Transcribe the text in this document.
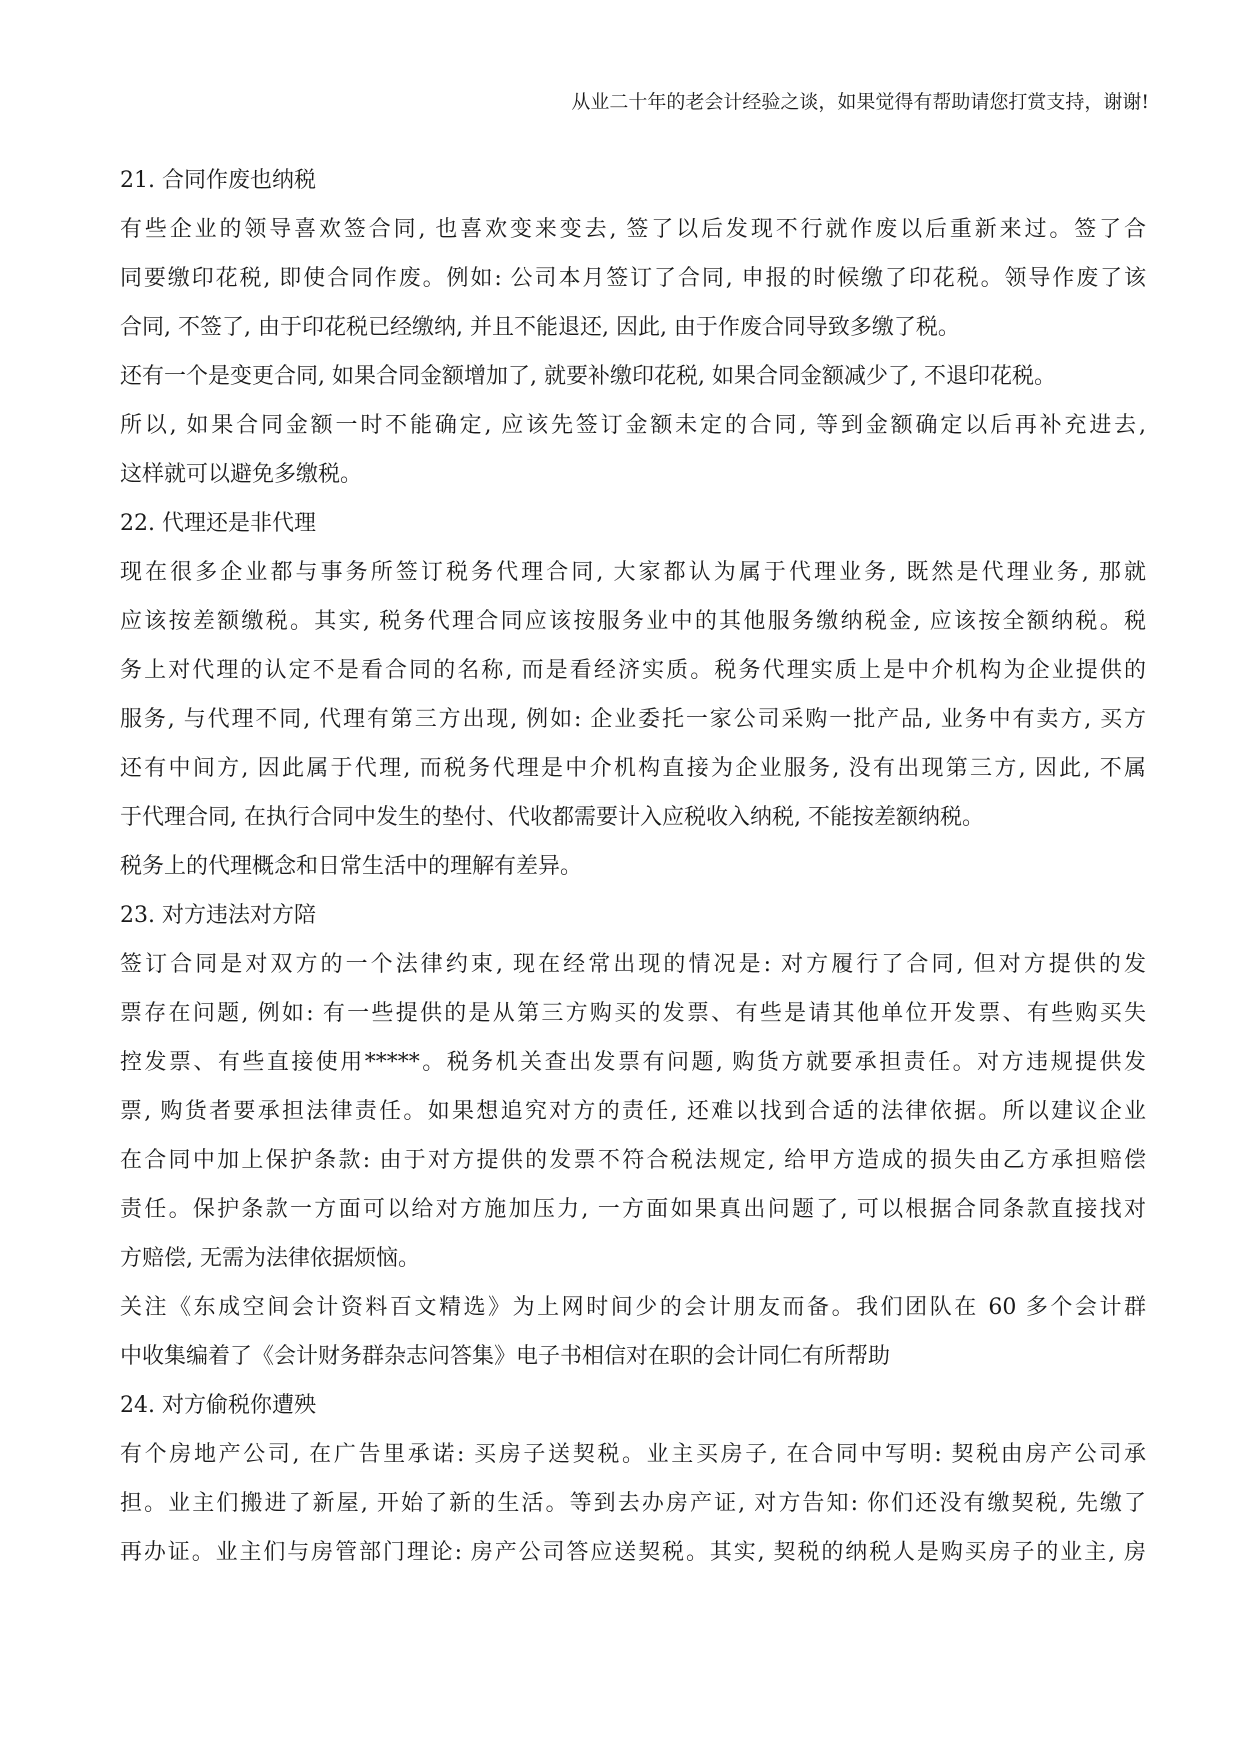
从业二十年的老会计经验之谈，如果觉得有帮助请您打赏支持，谢谢!

21. 合同作废也纳税

有些企业的领导喜欢签合同, 也喜欢变来变去, 签了以后发现不行就作废以后重新来过。签了合
同要缴印花税, 即使合同作废。例如: 公司本月签订了合同, 申报的时候缴了印花税。领导作废了该
合同, 不签了, 由于印花税已经缴纳, 并且不能退还, 因此, 由于作废合同导致多缴了税。

还有一个是变更合同, 如果合同金额增加了, 就要补缴印花税, 如果合同金额减少了, 不退印花税。

所以, 如果合同金额一时不能确定, 应该先签订金额未定的合同, 等到金额确定以后再补充进去,
这样就可以避免多缴税。

22. 代理还是非代理

现在很多企业都与事务所签订税务代理合同, 大家都认为属于代理业务, 既然是代理业务, 那就
应该按差额缴税。其实, 税务代理合同应该按服务业中的其他服务缴纳税金, 应该按全额纳税。税
务上对代理的认定不是看合同的名称, 而是看经济实质。税务代理实质上是中介机构为企业提供的
服务, 与代理不同, 代理有第三方出现, 例如: 企业委托一家公司采购一批产品, 业务中有卖方, 买方
还有中间方, 因此属于代理, 而税务代理是中介机构直接为企业服务, 没有出现第三方, 因此, 不属
于代理合同, 在执行合同中发生的垫付、代收都需要计入应税收入纳税, 不能按差额纳税。

税务上的代理概念和日常生活中的理解有差异。

23. 对方违法对方陪

签订合同是对双方的一个法律约束, 现在经常出现的情况是: 对方履行了合同, 但对方提供的发
票存在问题, 例如: 有一些提供的是从第三方购买的发票、有些是请其他单位开发票、有些购买失
控发票、有些直接使用*****。税务机关查出发票有问题, 购货方就要承担责任。对方违规提供发
票, 购货者要承担法律责任。如果想追究对方的责任, 还难以找到合适的法律依据。所以建议企业
在合同中加上保护条款: 由于对方提供的发票不符合税法规定, 给甲方造成的损失由乙方承担赔偿
责任。保护条款一方面可以给对方施加压力, 一方面如果真出问题了, 可以根据合同条款直接找对
方赔偿, 无需为法律依据烦恼。

关注《东成空间会计资料百文精选》为上网时间少的会计朋友而备。我们团队在 60 多个会计群
中收集编着了《会计财务群杂志问答集》电子书相信对在职的会计同仁有所帮助

24. 对方偷税你遭殃

有个房地产公司, 在广告里承诺: 买房子送契税。业主买房子, 在合同中写明: 契税由房产公司承
担。业主们搬进了新屋, 开始了新的生活。等到去办房产证, 对方告知: 你们还没有缴契税, 先缴了
再办证。业主们与房管部门理论: 房产公司答应送契税。其实, 契税的纳税人是购买房子的业主, 房
